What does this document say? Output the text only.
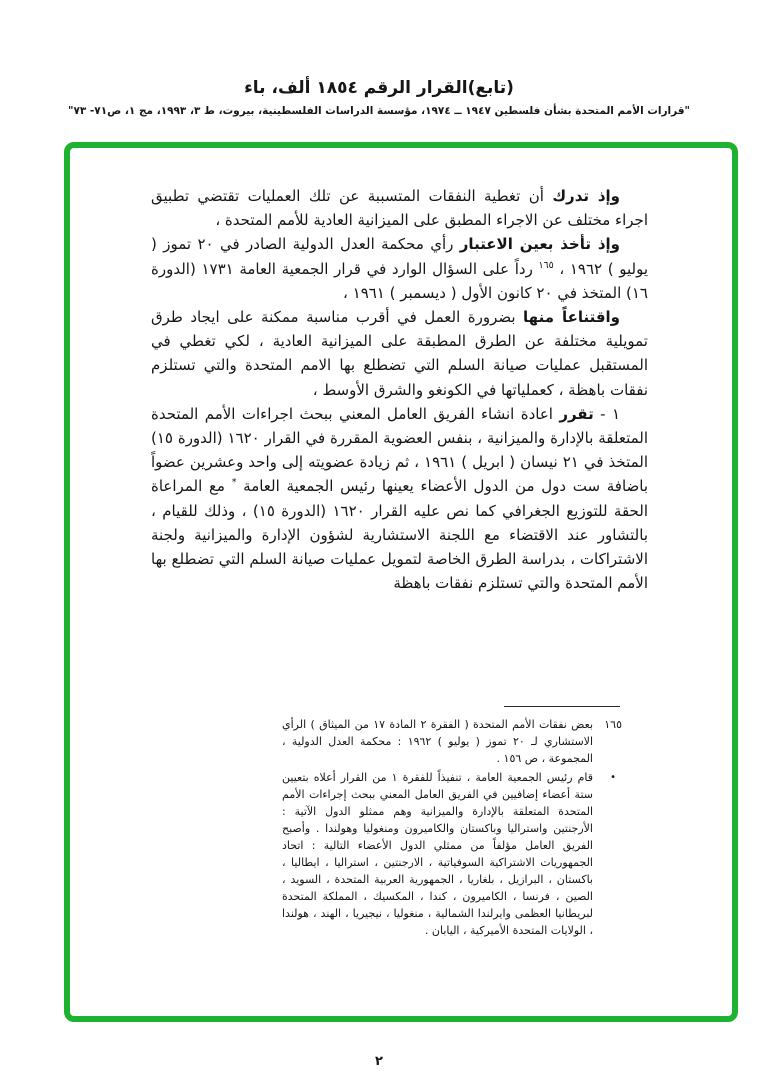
(تابع)القرار الرقم ١٨٥٤ ألف، باء
"قرارات الأمم المتحدة بشأن فلسطين ١٩٤٧ ــ ١٩٧٤، مؤسسة الدراسات الفلسطينية، بيروت، ط ٣، ١٩٩٣، مج ١، ص٧١- ٧٣"

وإذ تدرك أن تغطية النفقات المتسببة عن تلك العمليات تقتضي تطبيق اجراء مختلف عن الاجراء المطبق على الميزانية العادية للأمم المتحدة ،

وإذ تأخذ بعين الاعتبار رأي محكمة العدل الدولية الصادر في ٢٠ تموز ( يوليو ) ١٩٦٢ ، $^{١٦٥}$ رداً على السؤال الوارد في قرار الجمعية العامة ١٧٣١ (الدورة ١٦) المتخذ في ٢٠ كانون الأول ( ديسمبر ) ١٩٦١ ،

واقتناعاً منها بضرورة العمل في أقرب مناسبة ممكنة على ايجاد طرق تمويلية مختلفة عن الطرق المطبقة على الميزانية العادية ، لكي تغطي في المستقبل عمليات صيانة السلم التي تضطلع بها الامم المتحدة والتي تستلزم نفقات باهظة ، كعملياتها في الكونغو والشرق الأوسط ،

١ - تقرر اعادة انشاء الفريق العامل المعني ببحث اجراءات الأمم المتحدة المتعلقة بالإدارة والميزانية ، بنفس العضوية المقررة في القرار ١٦٢٠ (الدورة ١٥) المتخذ في ٢١ نيسان ( ابريل ) ١٩٦١ ، ثم زيادة عضويته إلى واحد وعشرين عضواً باضافة ست دول من الدول الأعضاء يعينها رئيس الجمعية العامة * مع المراعاة الحقة للتوزيع الجغرافي كما نص عليه القرار ١٦٢٠ (الدورة ١٥) ، وذلك للقيام ، بالتشاور عند الاقتضاء مع اللجنة الاستشارية لشؤون الإدارة والميزانية ولجنة الاشتراكات ، بدراسة الطرق الخاصة لتمويل عمليات صيانة السلم التي تضطلع بها الأمم المتحدة والتي تستلزم نفقات باهظة

١٦٥
بعض نفقات الأمم المتحدة ( الفقرة ٢ المادة ١٧ من الميثاق ) الرأي الاستشاري لـ ٢٠ تموز ( يوليو ) ١٩٦٢ : محكمة العدل الدولية ، المجموعة ، ص ١٥٦ .
•
قام رئيس الجمعية العامة ، تنفيذاً للفقرة ١ من القرار أعلاه بتعيين ستة أعضاء إضافيين في الفريق العامل المعني ببحث إجراءات الأمم المتحدة المتعلقة بالإدارة والميزانية وهم ممثلو الدول الآتية : الأرجنتين واستراليا وباكستان والكاميرون ومنغوليا وهولندا . وأصبح الفريق العامل مؤلفاً من ممثلي الدول الأعضاء التالية : اتحاد الجمهوريات الاشتراكية السوفياتية ، الارجنتين ، استراليا ، ايطاليا ، باكستان ، البرازيل ، بلغاريا ، الجمهورية العربية المتحدة ، السويد ، الصين ، فرنسا ، الكاميرون ، كندا ، المكسيك ، المملكة المتحدة لبريطانيا العظمى وايرلندا الشمالية ، منغوليا ، نيجيريا ، الهند ، هولندا ، الولايات المتحدة الأميركية ، اليابان .
٢
